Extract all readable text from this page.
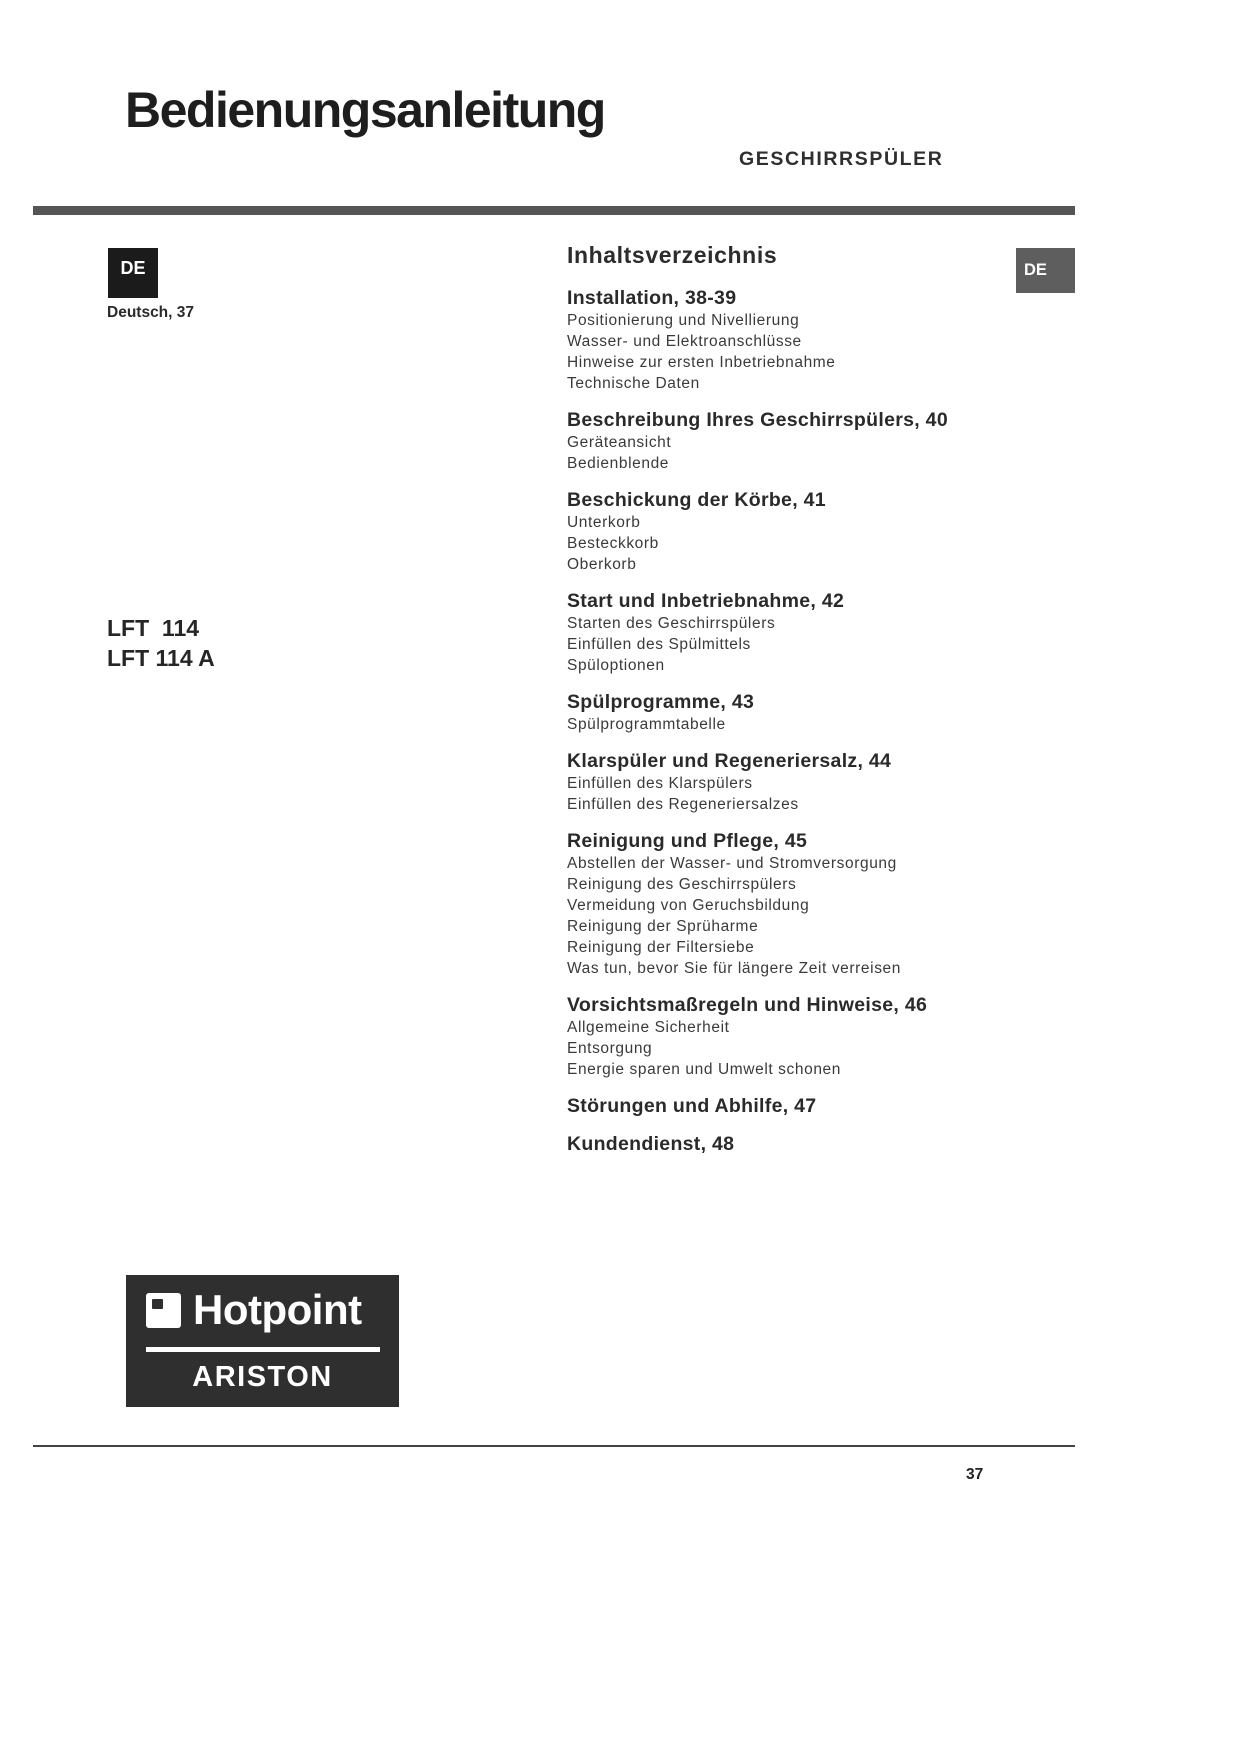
Bedienungsanleitung
GESCHIRRSPÜLER
DE
Deutsch, 37
DE
LFT  114
LFT 114 A
Inhaltsverzeichnis
Installation, 38-39
Positionierung und Nivellierung
Wasser- und Elektroanschlüsse
Hinweise zur ersten Inbetriebnahme
Technische Daten
Beschreibung Ihres Geschirrspülers, 40
Geräteansicht
Bedienblende
Beschickung der Körbe, 41
Unterkorb
Besteckkorb
Oberkorb
Start und Inbetriebnahme, 42
Starten des Geschirrspülers
Einfüllen des Spülmittels
Spüloptionen
Spülprogramme, 43
Spülprogrammtabelle
Klarspüler und Regeneriersalz, 44
Einfüllen des Klarspülers
Einfüllen des Regeneriersalzes
Reinigung und Pflege, 45
Abstellen der Wasser- und Stromversorgung
Reinigung des Geschirrspülers
Vermeidung von Geruchsbildung
Reinigung der Sprüharme
Reinigung der Filtersiebe
Was tun, bevor Sie für längere Zeit verreisen
Vorsichtsmaßregeln und Hinweise, 46
Allgemeine Sicherheit
Entsorgung
Energie sparen und Umwelt schonen
Störungen und Abhilfe, 47
Kundendienst, 48
Hotpoint
ARISTON
37
